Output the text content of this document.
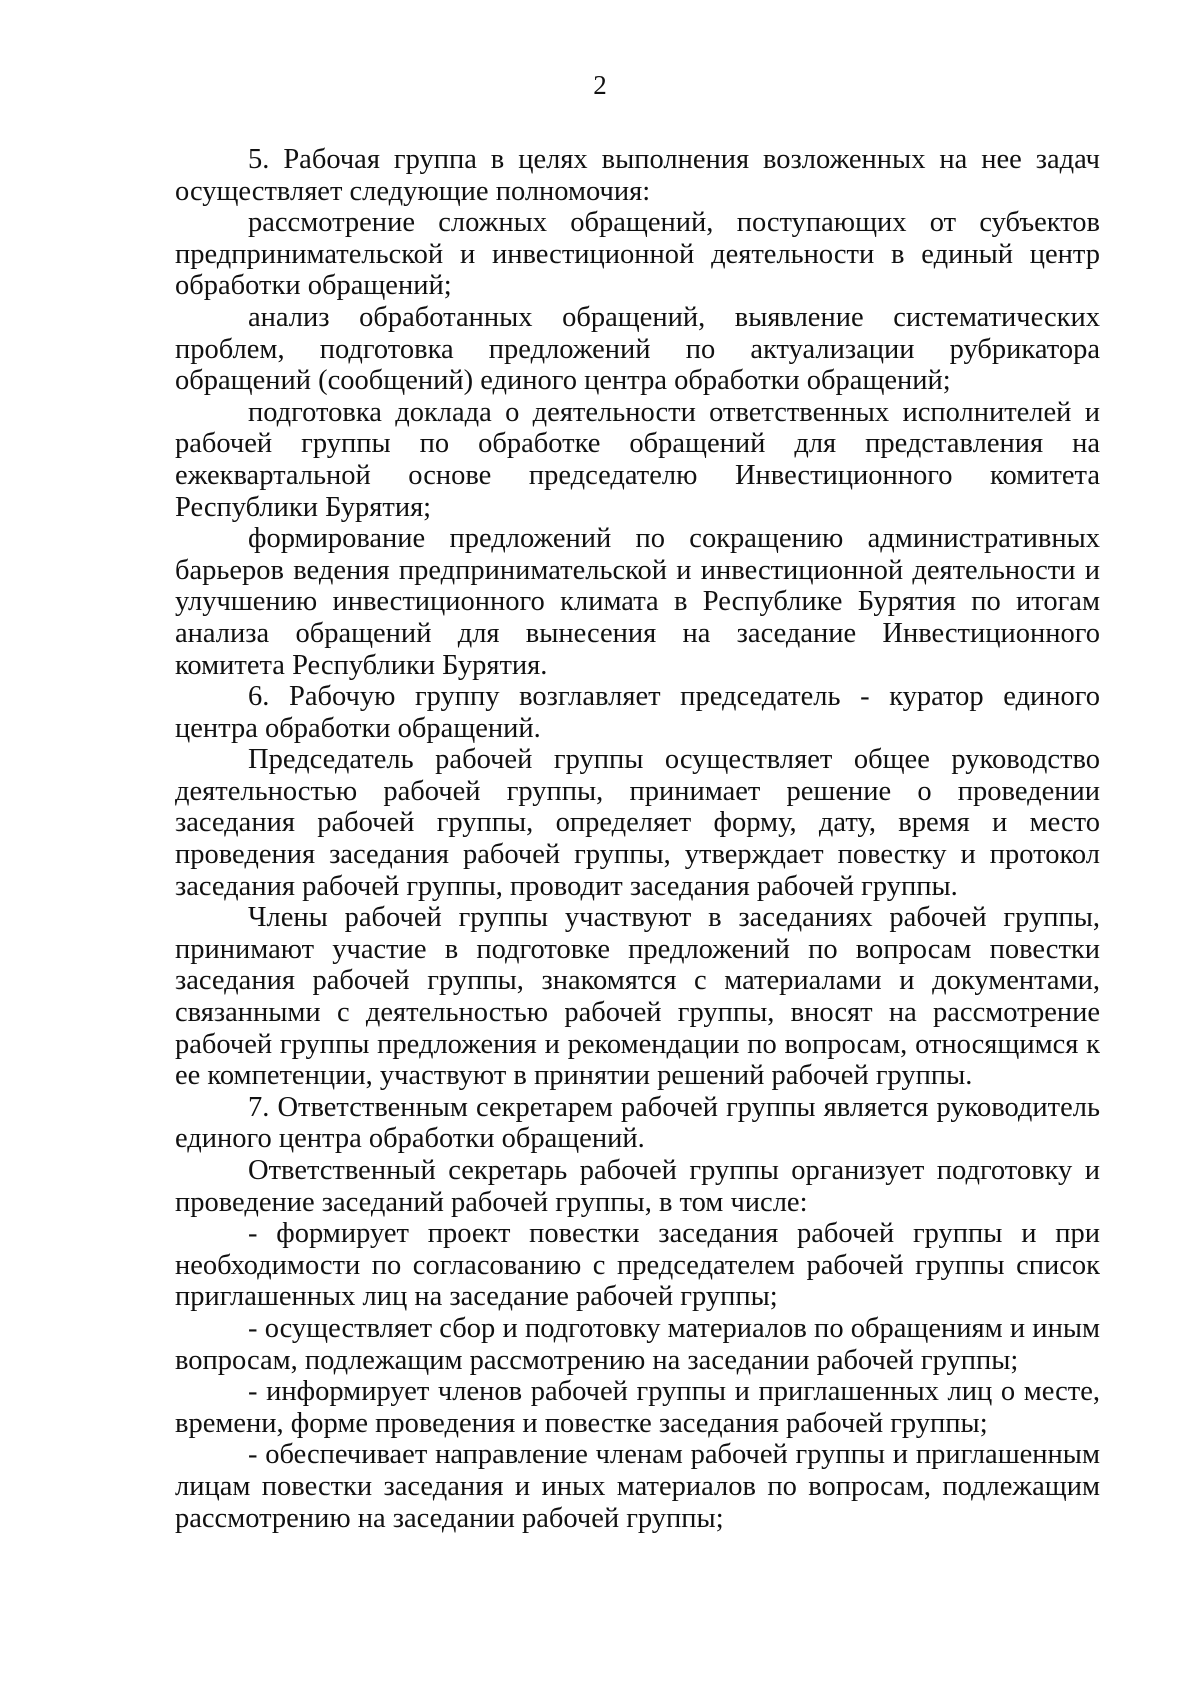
2

5. Рабочая группа в целях выполнения возложенных на нее задач осуществляет следующие полномочия:

рассмотрение сложных обращений, поступающих от субъектов предпринимательской и инвестиционной деятельности в единый центр обработки обращений;

анализ обработанных обращений, выявление систематических проблем, подготовка предложений по актуализации рубрикатора обращений (сообщений) единого центра обработки обращений;

подготовка доклада о деятельности ответственных исполнителей и рабочей группы по обработке обращений для представления на ежеквартальной основе председателю Инвестиционного комитета Республики Бурятия;

формирование предложений по сокращению административных барьеров ведения предпринимательской и инвестиционной деятельности и улучшению инвестиционного климата в Республике Бурятия по итогам анализа обращений для вынесения на заседание Инвестиционного комитета Республики Бурятия.

6. Рабочую группу возглавляет председатель - куратор единого центра обработки обращений.

Председатель рабочей группы осуществляет общее руководство деятельностью рабочей группы, принимает решение о проведении заседания рабочей группы, определяет форму, дату, время и место проведения заседания рабочей группы, утверждает повестку и протокол заседания рабочей группы, проводит заседания рабочей группы.

Члены рабочей группы участвуют в заседаниях рабочей группы, принимают участие в подготовке предложений по вопросам повестки заседания рабочей группы, знакомятся с материалами и документами, связанными с деятельностью рабочей группы, вносят на рассмотрение рабочей группы предложения и рекомендации по вопросам, относящимся к ее компетенции, участвуют в принятии решений рабочей группы.

7. Ответственным секретарем рабочей группы является руководитель единого центра обработки обращений.

Ответственный секретарь рабочей группы организует подготовку и проведение заседаний рабочей группы, в том числе:

- формирует проект повестки заседания рабочей группы и при необходимости по согласованию с председателем рабочей группы список приглашенных лиц на заседание рабочей группы;

- осуществляет сбор и подготовку материалов по обращениям и иным вопросам, подлежащим рассмотрению на заседании рабочей группы;

- информирует членов рабочей группы и приглашенных лиц о месте, времени, форме проведения и повестке заседания рабочей группы;

- обеспечивает направление членам рабочей группы и приглашенным лицам повестки заседания и иных материалов по вопросам, подлежащим рассмотрению на заседании рабочей группы;
